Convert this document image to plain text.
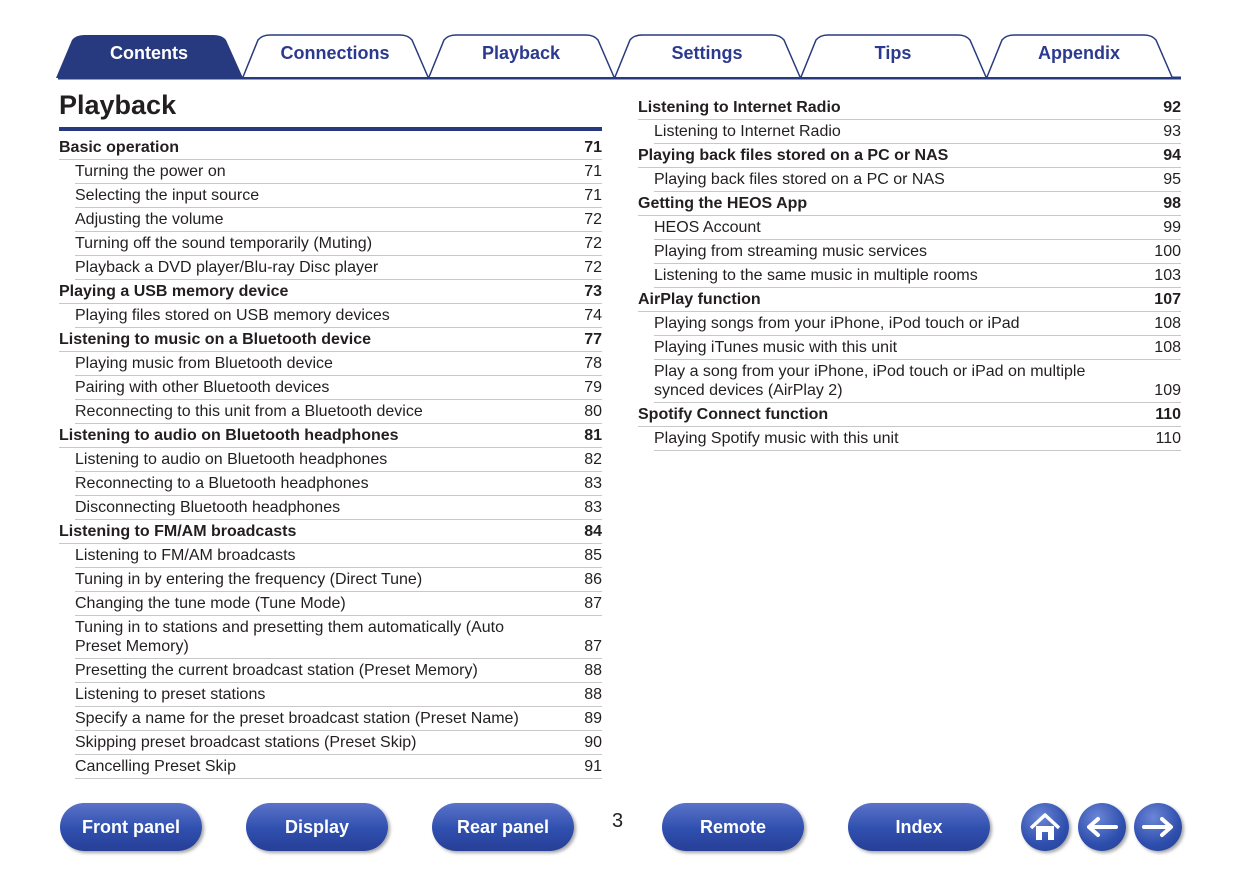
Contents	Connections	Playback	Settings	Tips	Appendix
Playback
Basic operation	71
Turning the power on	71
Selecting the input source	71
Adjusting the volume	72
Turning off the sound temporarily (Muting)	72
Playback a DVD player/Blu-ray Disc player	72
Playing a USB memory device	73
Playing files stored on USB memory devices	74
Listening to music on a Bluetooth device	77
Playing music from Bluetooth device	78
Pairing with other Bluetooth devices	79
Reconnecting to this unit from a Bluetooth device	80
Listening to audio on Bluetooth headphones	81
Listening to audio on Bluetooth headphones	82
Reconnecting to a Bluetooth headphones	83
Disconnecting Bluetooth headphones	83
Listening to FM/AM broadcasts	84
Listening to FM/AM broadcasts	85
Tuning in by entering the frequency (Direct Tune)	86
Changing the tune mode (Tune Mode)	87
Tuning in to stations and presetting them automatically (Auto Preset Memory)	87
Presetting the current broadcast station (Preset Memory)	88
Listening to preset stations	88
Specify a name for the preset broadcast station (Preset Name)	89
Skipping preset broadcast stations (Preset Skip)	90
Cancelling Preset Skip	91
Listening to Internet Radio	92
Listening to Internet Radio	93
Playing back files stored on a PC or NAS	94
Playing back files stored on a PC or NAS	95
Getting the HEOS App	98
HEOS Account	99
Playing from streaming music services	100
Listening to the same music in multiple rooms	103
AirPlay function	107
Playing songs from your iPhone, iPod touch or iPad	108
Playing iTunes music with this unit	108
Play a song from your iPhone, iPod touch or iPad on multiple synced devices (AirPlay 2)	109
Spotify Connect function	110
Playing Spotify music with this unit	110
Front panel	Display	Rear panel	3	Remote	Index
